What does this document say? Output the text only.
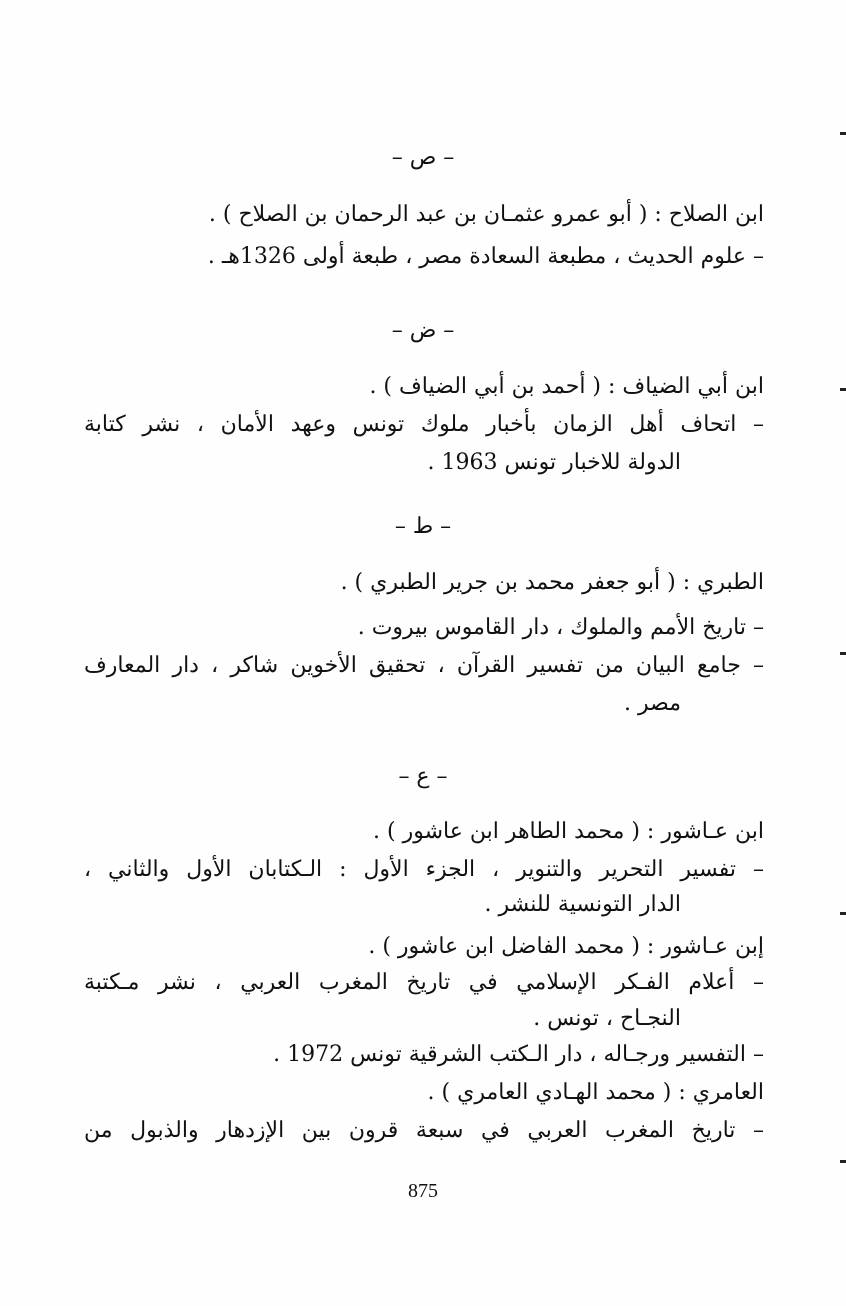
– ص –
ابن الصلاح : ( أبو عمرو عثمـان بن عبد الرحمان بن الصلاح ) .
– علوم الحديث ، مطبعة السعادة مصر ، طبعة أولى 1326هـ .
– ض –
ابن أبي الضياف : ( أحمد بن أبي الضياف ) .
– اتحاف أهل الزمان بأخبار ملوك تونس وعهد الأمان ، نشر كتابة
الدولة للاخبار تونس 1963 .
– ط –
الطبري : ( أبو جعفر محمد بن جرير الطبري ) .
– تاريخ الأمم والملوك ، دار القاموس بيروت .
– جامع البيان من تفسير القرآن ، تحقيق الأخوين شاكر ، دار المعارف
مصر .
– ع –
ابن عـاشور : ( محمد الطاهر ابن عاشور ) .
– تفسير التحرير والتنوير ، الجزء الأول : الـكتابان الأول والثاني ،
الدار التونسية للنشر .
إبن عـاشور : ( محمد الفاضل ابن عاشور ) .
– أعلام الفـكر الإسلامي في تاريخ المغرب العربي ، نشر مـكتبة
النجـاح ، تونس .
– التفسير ورجـاله ، دار الـكتب الشرقية تونس 1972 .
العامري : ( محمد الهـادي العامري ) .
– تاريخ المغرب العربي في سبعة قرون بين الإزدهار والذبول من
875
